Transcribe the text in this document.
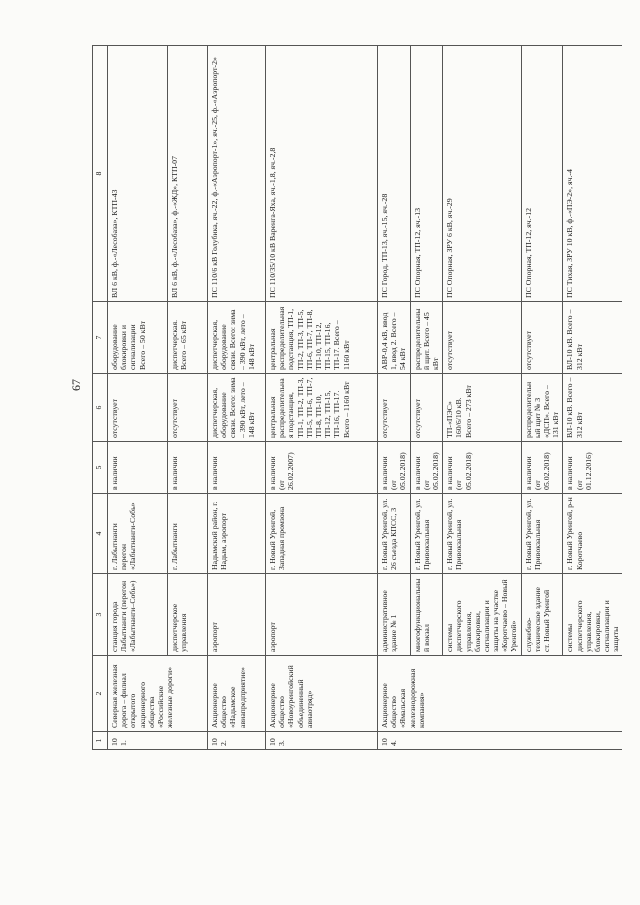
67
1	2	3	4	5	6	7	8
101.	Северная железная дорога – филиал открытого акционерного общества «Российские железные дороги»	станция города Лабытнанги (перегон «Лабытнанги–Собь»)	г. Лабытнанги перегон «Лабытнанги-Собь»	в наличии	отсутствует	оборудование блокировки и сигнализации Всего – 50 кВт	ВЛ 6 кВ, ф.-«Лесобаза», КТП-43
		диспетчерское управления	г. Лабытнанги	в наличии	отсутствует	диспетчерская. Всего – 65 кВт	ВЛ 6 кВ, ф.-«Лесобаза», ф.-«ЖД», КТП-07
102.	Акционерное общество «Надымское авиапредприятие»	аэропорт	Надымский район, г. Надым, аэропорт	в наличии	диспетчерская, оборудование связи. Всего: зима – 390 кВт, лето – 148 кВт	диспетчерская, оборудование связи. Всего: зима – 390 кВт, лето – 148 кВт	ПС 110/6 кВ Голубика, яч.-22, ф.-«Аэропорт-1», яч.-25, ф.-«Аэропорт-2»
103.	Акционерное общество «Новоуренгойский объединенный авиаотряд»	аэропорт	г. Новый Уренгой, Западная промзона	в наличии (от 26.02.2007)	центральная распределительная подстанция, ТП-1, ТП-2, ТП-3, ТП-5, ТП-6, ТП-7, ТП-8, ТП-10, ТП-12, ТП-15, ТП-16, ТП-17. Всего – 1160 кВт	центральная распределительная подстанция, ТП-1, ТП-2, ТП-3, ТП-5, ТП-6, ТП-7, ТП-8, ТП-10, ТП-12, ТП-15, ТП-16, ТП-17. Всего – 1160 кВт	ПС 110/35/10 кВ Варенга-Яха, яч.-1,8, яч.-2,8
104.	Акционерное общество «Ямальская железнодорожная компания»	административное здание № 1	г. Новый Уренгой, ул. 26 съезда КПСС, 3	в наличии (от 05.02.2018)	отсутствует	АВР-0,4 кВ, ввод 1, ввод 2. Всего – 54 кВт	ПС Город, ТП-13, яч.-15, яч.-28
		многофункциональный вокзал	г. Новый Уренгой, ул. Привокзальная	в наличии (от 05.02.2018)	отсутствует	распределительный щит. Всего – 45 кВт	ПС Опорная, ТП-12, яч.-13
		системы диспетчерского управления, блокировки, сигнализации и защиты на участке «Коротчаево – Новый Уренгой»	г. Новый Уренгой, ул. Привокзальная	в наличии (от 05.02.2018)	ТП-«ПЭС» 160/6/10 кВ. Всего – 273 кВт	отсутствует	ПС Опорная, ЗРУ 6 кВ, яч.-29
		служебно-техническое здание ст. Новый Уренгой	г. Новый Уренгой, ул. Привокзальная	в наличии (от 05.02.2018)	распределительный щит № 3 «ДСП». Всего – 131 кВт	отсутствует	ПС Опорная, ТП-12, яч.-12
		системы диспетчерского управления, блокировки, сигнализации и защиты	г. Новый Уренгой, р-н Коротчаево	в наличии (от 01.12.2016)	ВЛ-10 кВ. Всего – 312 кВт	ВЛ-10 кВ. Всего – 312 кВт	ПС Тихая, ЗРУ 10 кВ, ф.-«ПЭ-2», яч.-4
